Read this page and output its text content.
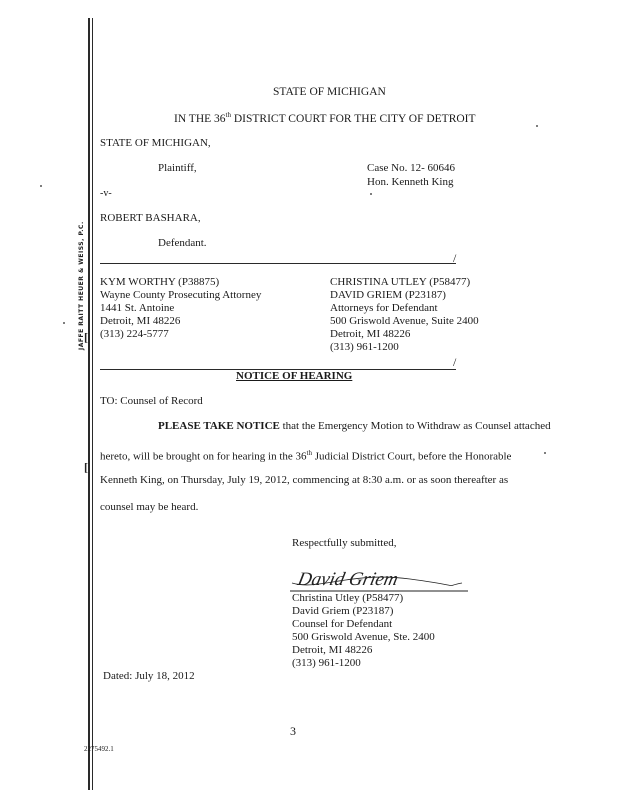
JAFFE RAITT HEUER & WEISS, P.C. [
[
STATE OF MICHIGAN
IN THE 36th DISTRICT COURT FOR THE CITY OF DETROIT
STATE OF MICHIGAN,
Plaintiff,	Case No. 12- 60646
Hon. Kenneth King
-v-
ROBERT BASHARA,
Defendant.
/
KYM WORTHY (P38875)
Wayne County Prosecuting Attorney
1441 St. Antoine
Detroit, MI 48226
(313) 224-5777
CHRISTINA UTLEY (P58477)
DAVID GRIEM (P23187)
Attorneys for Defendant
500 Griswold Avenue, Suite 2400
Detroit, MI 48226
(313) 961-1200
/
NOTICE OF HEARING
TO: Counsel of Record
PLEASE TAKE NOTICE that the Emergency Motion to Withdraw as Counsel attached
hereto, will be brought on for hearing in the 36th Judicial District Court, before the Honorable
Kenneth King, on Thursday, July 19, 2012, commencing at 8:30 a.m. or as soon thereafter as
counsel may be heard.
Respectfully submitted,
David Griem
Christina Utley (P58477)
David Griem (P23187)
Counsel for Defendant
500 Griswold Avenue, Ste. 2400
Detroit, MI 48226
(313) 961-1200
Dated: July 18, 2012
3
2275492.1
